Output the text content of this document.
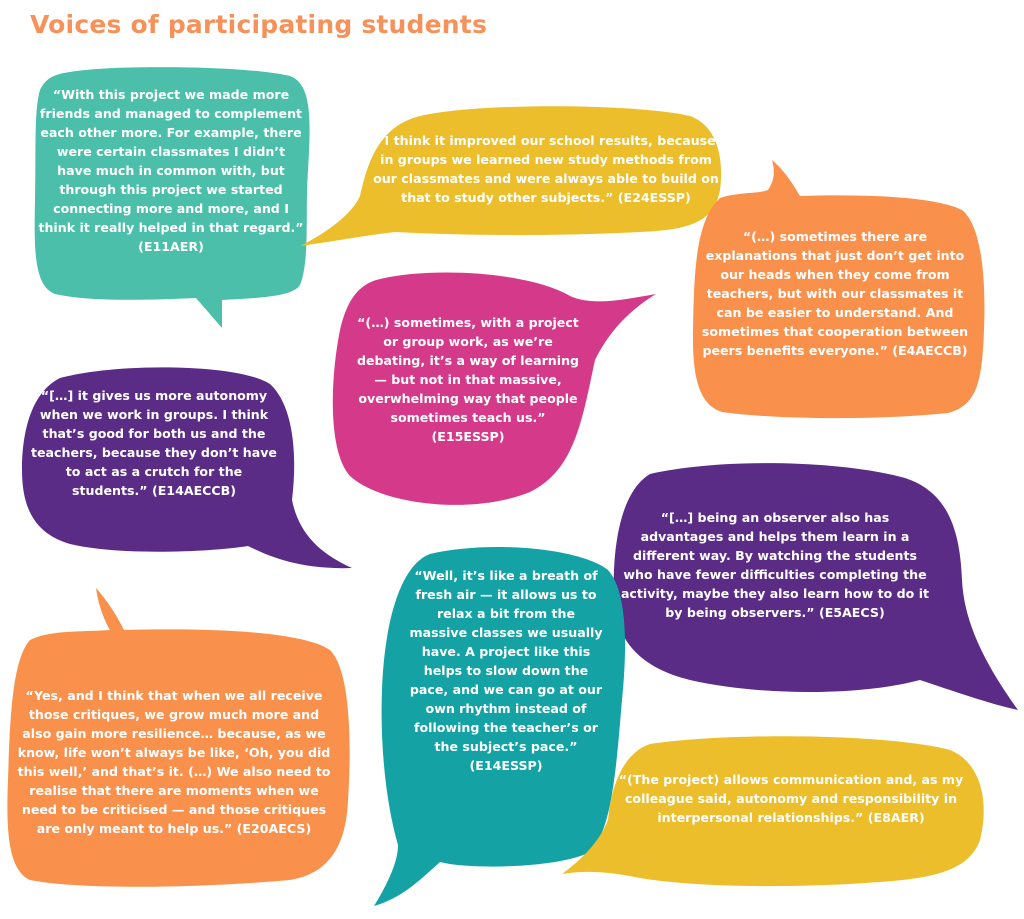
Voices of participating students

“With this project we made more friends and managed to complement each other more. For example, there were certain classmates I didn’t have much in common with, but through this project we started connecting more and more, and I think it really helped in that regard.” (E11AER)

“I think it improved our school results, because in groups we learned new study methods from our classmates and were always able to build on that to study other subjects.” (E24ESSP)

“(…) sometimes there are explanations that just don’t get into our heads when they come from teachers, but with our classmates it can be easier to understand. And sometimes that cooperation between peers benefits everyone.” (E4AECCB)

“(…) sometimes, with a project or group work, as we’re debating, it’s a way of learning — but not in that massive, overwhelming way that people sometimes teach us.” (E15ESSP)

“[…] it gives us more autonomy when we work in groups. I think that’s good for both us and the teachers, because they don’t have to act as a crutch for the students.” (E14AECCB)

“[…] being an observer also has advantages and helps them learn in a different way. By watching the students who have fewer difficulties completing the activity, maybe they also learn how to do it by being observers.” (E5AECS)

“Well, it’s like a breath of fresh air — it allows us to relax a bit from the massive classes we usually have. A project like this helps to slow down the pace, and we can go at our own rhythm instead of following the teacher’s or the subject’s pace.” (E14ESSP)

“Yes, and I think that when we all receive those critiques, we grow much more and also gain more resilience… because, as we know, life won’t always be like, ‘Oh, you did this well,’ and that’s it. (…) We also need to realise that there are moments when we need to be criticised — and those critiques are only meant to help us.” (E20AECS)

“(The project) allows communication and, as my colleague said, autonomy and responsibility in interpersonal relationships.” (E8AER)
